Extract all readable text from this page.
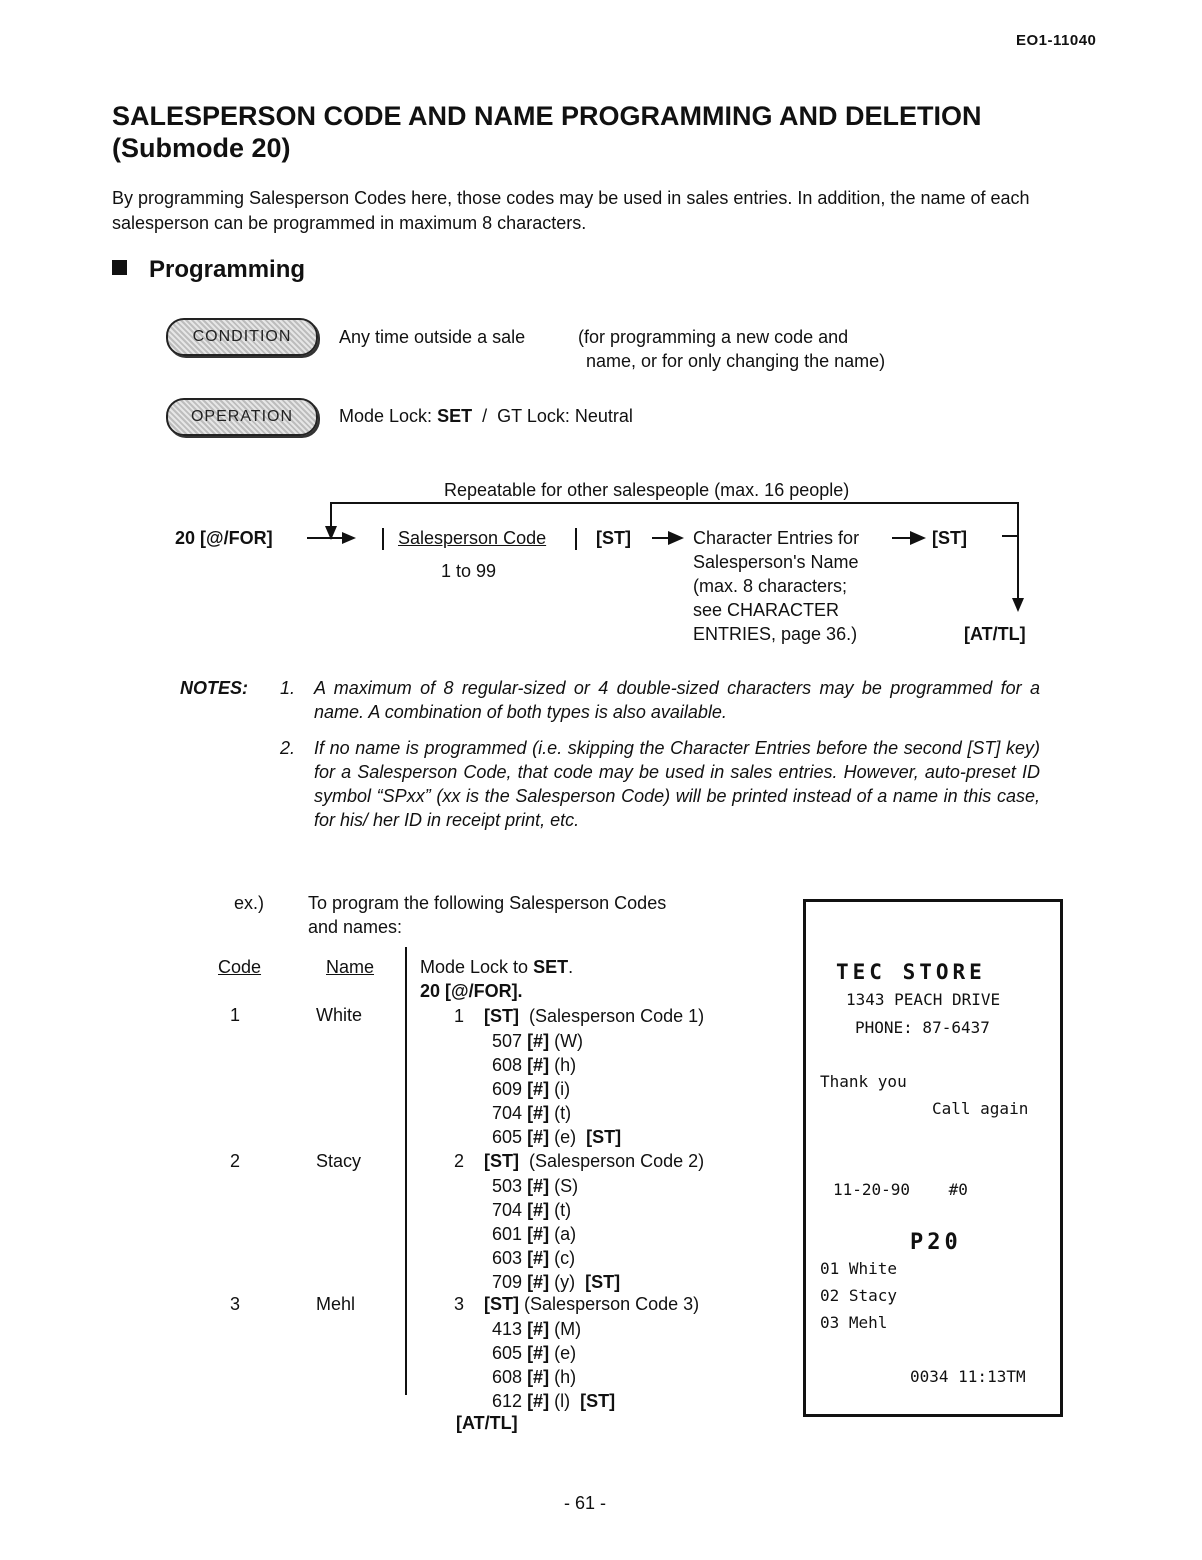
EO1-11040
SALESPERSON CODE AND NAME PROGRAMMING AND DELETION
(Submode 20)
By programming Salesperson Codes here, those codes may be used in sales entries. In addition, the name of each salesperson can be programmed in maximum 8 characters.
Programming
CONDITION	Any time outside a sale	(for programming a new code and
name, or for only changing the name)
OPERATION	Mode Lock: SET / GT Lock: Neutral
Repeatable for other salespeople (max. 16 people)
20 [@/FOR]	Salesperson Code
1 to 99
[ST]	Character Entries for
Salesperson's Name
(max. 8 characters;
see CHARACTER
ENTRIES, page 36.)
[ST]
[AT/TL]
NOTES: 1. A maximum of 8 regular-sized or 4 double-sized characters may be programmed for a name. A combination of both types is also available.
2. If no name is programmed (i.e. skipping the Character Entries before the second [ST] key) for a Salesperson Code, that code may be used in sales entries. However, auto-preset ID symbol “SPxx” (xx is the Salesperson Code) will be printed instead of a name in this case, for his/ her ID in receipt print, etc.
ex.) To program the following Salesperson Codes
and names:
Code	Name
1	White
2	Stacy
3	Mehl
Mode Lock to SET.
20 [@/FOR].
1 [ST] (Salesperson Code 1)
507 [#] (W)
608 [#] (h)
609 [#] (i)
704 [#] (t)
605 [#] (e) [ST]
2 [ST] (Salesperson Code 2)
503 [#] (S)
704 [#] (t)
601 [#] (a)
603 [#] (c)
709 [#] (y) [ST]
3 [ST] (Salesperson Code 3)
413 [#] (M)
605 [#] (e)
608 [#] (h)
612 [#] (l) [ST]
[AT/TL]
TEC STORE
1343 PEACH DRIVE
PHONE: 87-6437
Thank you
Call again
11-20-90    #0
P20
01 White
02 Stacy
03 Mehl
0034 11:13TM
- 61 -
